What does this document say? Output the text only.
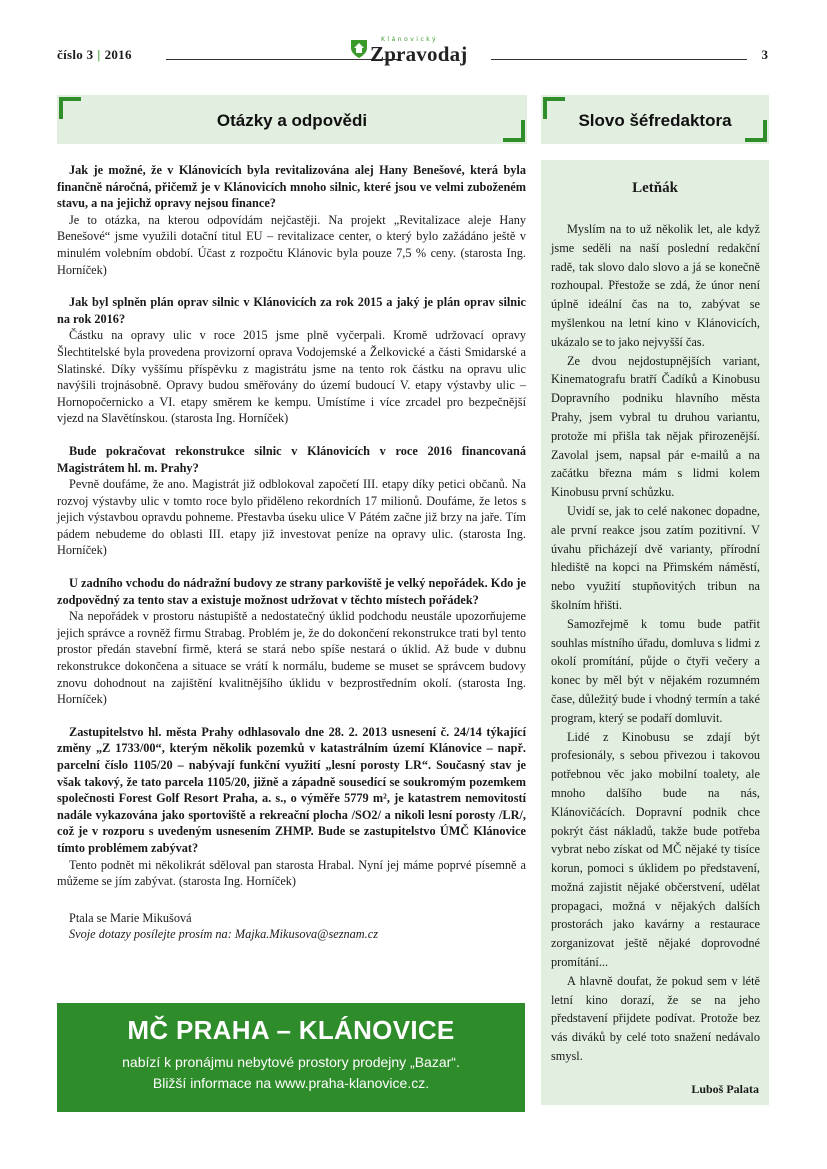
číslo 3 | 2016
Klánovický
Zpravodaj	3
Otázky a odpovědi	Slovo šéfredaktora

Jak je možné, že v Klánovicích byla revitalizována alej Hany Benešové, která byla finančně náročná, přičemž je v Klánovicích mnoho silnic, které jsou ve velmi zuboženém stavu, a na jejichž opravy nejsou finance?

Je to otázka, na kterou odpovídám nejčastěji. Na projekt „Revitalizace aleje Hany Benešové“ jsme využili dotační titul EU – revitalizace center, o který bylo zažádáno ještě v minulém volebním období. Účast z rozpočtu Klánovic byla pouze 7,5 % ceny. (starosta Ing. Horníček)

Jak byl splněn plán oprav silnic v Klánovicích za rok 2015 a jaký je plán oprav silnic na rok 2016?

Částku na opravy ulic v roce 2015 jsme plně vyčerpali. Kromě udržovací opravy Šlechtitelské byla provedena provizorní oprava Vodojemské a Želkovické a části Smidarské a Slatinské. Díky vyššímu příspěvku z magistrátu jsme na tento rok částku na opravu ulic navýšili trojnásobně. Opravy budou směřovány do území budoucí V. etapy výstavby ulic – Hornopočernicko a VI. etapy směrem ke kempu. Umístíme i více zrcadel pro bezpečnější vjezd na Slavětínskou. (starosta Ing. Horníček)

Bude pokračovat rekonstrukce silnic v Klánovicích v roce 2016 financovaná Magistrátem hl. m. Prahy?

Pevně doufáme, že ano. Magistrát již odblokoval započetí III. etapy díky petici občanů. Na rozvoj výstavby ulic v tomto roce bylo přiděleno rekordních 17 milionů. Doufáme, že letos s jejich výstavbou opravdu pohneme. Přestavba úseku ulice V Pátém začne již brzy na jaře. Tím pádem nebudeme do oblasti III. etapy již investovat peníze na opravy ulic. (starosta Ing. Horníček)

U zadního vchodu do nádražní budovy ze strany parkoviště je velký nepořádek. Kdo je zodpovědný za tento stav a existuje možnost udržovat v těchto místech pořádek?

Na nepořádek v prostoru nástupiště a nedostatečný úklid podchodu neustále upozorňujeme jejich správce a rovněž firmu Strabag. Problém je, že do dokončení rekonstrukce trati byl tento prostor předán stavební firmě, která se stará nebo spíše nestará o úklid. Až bude v dubnu rekonstrukce dokončena a situace se vrátí k normálu, budeme se muset se správcem budovy znovu dohodnout na zajištění kvalitnějšího úklidu v bezprostředním okolí. (starosta Ing. Horníček)

Zastupitelstvo hl. města Prahy odhlasovalo dne 28. 2. 2013 usnesení č. 24/14 týkající změny „Z 1733/00“, kterým několik pozemků v katastrálním území Klánovice – např. parcelní číslo 1105/20 – nabývají funkční využití „lesní porosty LR“. Současný stav je však takový, že tato parcela 1105/20, jižně a západně sousedící se soukromým pozemkem společnosti Forest Golf Resort Praha, a. s., o výměře 5779 m², je katastrem nemovitostí nadále vykazována jako sportoviště a rekreační plocha /SO2/ a nikoli lesní porosty /LR/, což je v rozporu s uvedeným usnesením ZHMP. Bude se zastupitelstvo ÚMČ Klánovice tímto problémem zabývat?

Tento podnět mi několikrát sděloval pan starosta Hrabal. Nyní jej máme poprvé písemně a můžeme se jím zabývat. (starosta Ing. Horníček)

Ptala se Marie Mikušová

Svoje dotazy posílejte prosím na: Majka.Mikusova@seznam.cz

MČ PRAHA – KLÁNOVICE
nabízí k pronájmu nebytové prostory prodejny „Bazar“.
Bližší informace na www.praha-klanovice.cz.
Letňák

Myslím na to už několik let, ale když jsme seděli na naší poslední redakční radě, tak slovo dalo slovo a já se konečně rozhoupal. Přestože se zdá, že únor není úplně ideální čas na to, zabývat se myšlenkou na letní kino v Klánovicích, ukázalo se to jako nejvyšší čas.

Ze dvou nejdostupnějších variant, Kinematografu bratří Čadíků a Kinobusu Dopravního podniku hlavního města Prahy, jsem vybral tu druhou variantu, protože mi přišla tak nějak přirozenější. Zavolal jsem, napsal pár e-mailů a na začátku března mám s lidmi kolem Kinobusu první schůzku.

Uvidí se, jak to celé nakonec dopadne, ale první reakce jsou zatím pozitivní. V úvahu přicházejí dvě varianty, přírodní hlediště na kopci na Přimském náměstí, nebo využití stupňovitých tribun na školním hřišti.

Samozřejmě k tomu bude patřit souhlas místního úřadu, domluva s lidmi z okolí promítání, půjde o čtyři večery a konec by měl být v nějakém rozumném čase, důležitý bude i vhodný termín a také program, který se podaří domluvit.

Lidé z Kinobusu se zdají být profesionály, s sebou přivezou i takovou potřebnou věc jako mobilní toalety, ale mnoho dalšího bude na nás, Klánovičácích. Dopravní podnik chce pokrýt část nákladů, takže bude potřeba vybrat nebo získat od MČ nějaké ty tisíce korun, pomoci s úklidem po představení, možná zajistit nějaké občerstvení, udělat propagaci, možná v nějakých dalších prostorách jako kavárny a restaurace zorganizovat ještě nějaké doprovodné promítání...

A hlavně doufat, že pokud sem v létě letní kino dorazí, že se na jeho představení přijdete podívat. Protože bez vás diváků by celé toto snažení nedávalo smysl.

Luboš Palata
